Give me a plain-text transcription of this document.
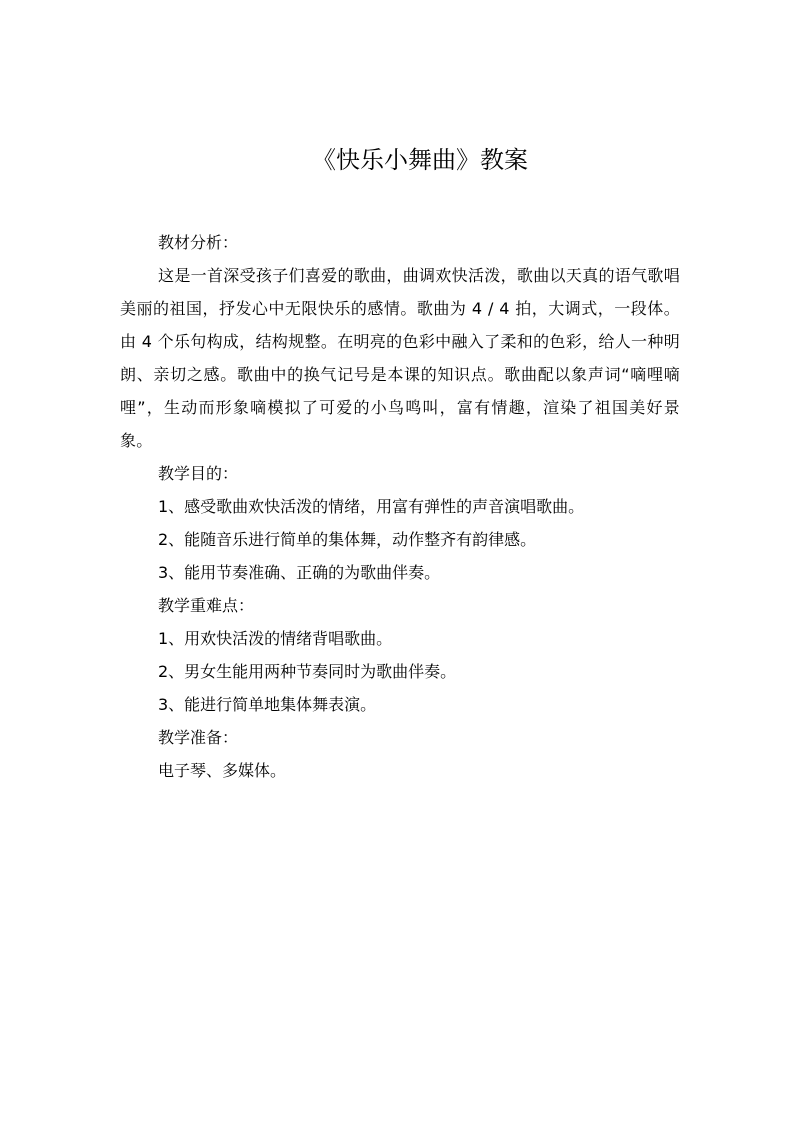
《快乐小舞曲》教案

教材分析：

这是一首深受孩子们喜爱的歌曲，曲调欢快活泼，歌曲以天真的语气歌唱美丽的祖国，抒发心中无限快乐的感情。歌曲为 4 / 4 拍，大调式，一段体。由 4 个乐句构成，结构规整。在明亮的色彩中融入了柔和的色彩，给人一种明朗、亲切之感。歌曲中的换气记号是本课的知识点。歌曲配以象声词“嘀哩嘀哩”，生动而形象嘀模拟了可爱的小鸟鸣叫，富有情趣，渲染了祖国美好景象。

教学目的：

1、感受歌曲欢快活泼的情绪，用富有弹性的声音演唱歌曲。

2、能随音乐进行简单的集体舞，动作整齐有韵律感。

3、能用节奏准确、正确的为歌曲伴奏。

教学重难点：

1、用欢快活泼的情绪背唱歌曲。

2、男女生能用两种节奏同时为歌曲伴奏。

3、能进行简单地集体舞表演。

教学准备：

电子琴、多媒体。
